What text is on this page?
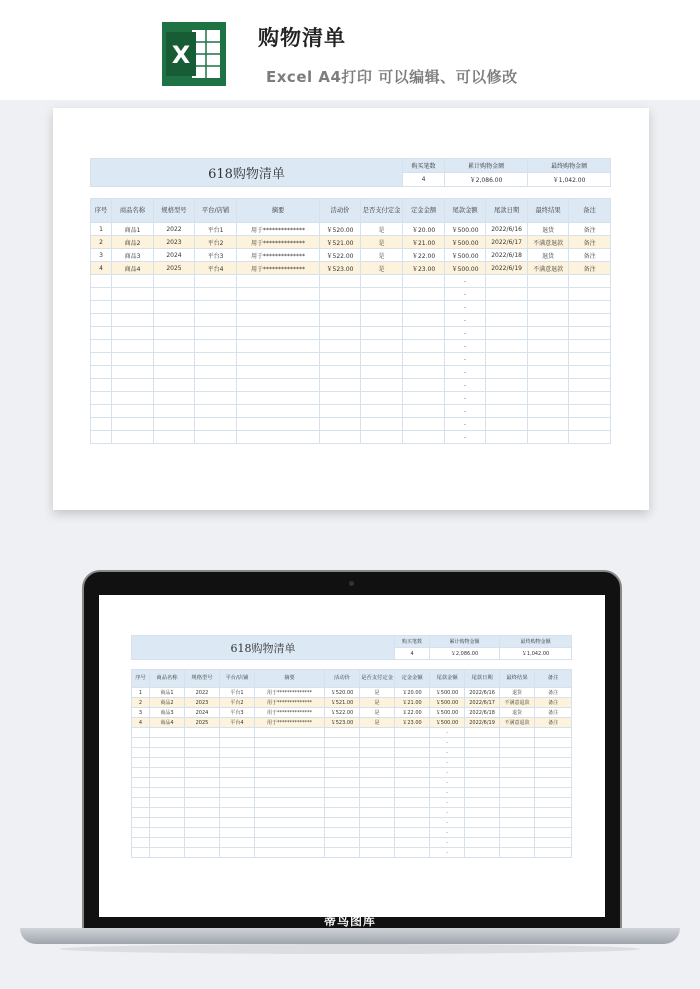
X
购物清单
Excel A4打印 可以编辑、可以修改
618购物清单							购买笔数	累计购物金额		最终购物金额	
							4	￥2,086.00		￥1,042.00	

序号	商品名称	规格型号	平台/店铺	摘要	活动价	是否支付定金	定金金额	尾款金额	尾款日期	最终结果	备注
1	商品1	2022	平台1	用于**************	￥520.00	是	￥20.00	￥500.00	2022/6/16	退货	备注
2	商品2	2023	平台2	用于**************	￥521.00	是	￥21.00	￥500.00	2022/6/17	不满意退款	备注
3	商品3	2024	平台3	用于**************	￥522.00	是	￥22.00	￥500.00	2022/6/18	退货	备注
4	商品4	2025	平台4	用于**************	￥523.00	是	￥23.00	￥500.00	2022/6/19	不满意退款	备注
								-			
								-			
								-			
								-			
								-			
								-			
								-			
								-			
								-			
								-			
								-			
								-			
								-			
618购物清单							购买笔数	累计购物金额		最终购物金额	
							4	￥2,086.00		￥1,042.00	

序号	商品名称	规格型号	平台/店铺	摘要	活动价	是否支付定金	定金金额	尾款金额	尾款日期	最终结果	备注
1	商品1	2022	平台1	用于**************	￥520.00	是	￥20.00	￥500.00	2022/6/16	退货	备注
2	商品2	2023	平台2	用于**************	￥521.00	是	￥21.00	￥500.00	2022/6/17	不满意退款	备注
3	商品3	2024	平台3	用于**************	￥522.00	是	￥22.00	￥500.00	2022/6/18	退货	备注
4	商品4	2025	平台4	用于**************	￥523.00	是	￥23.00	￥500.00	2022/6/19	不满意退款	备注
								-			
								-			
								-			
								-			
								-			
								-			
								-			
								-			
								-			
								-			
								-			
								-			
								-			
蒂鸟图库
